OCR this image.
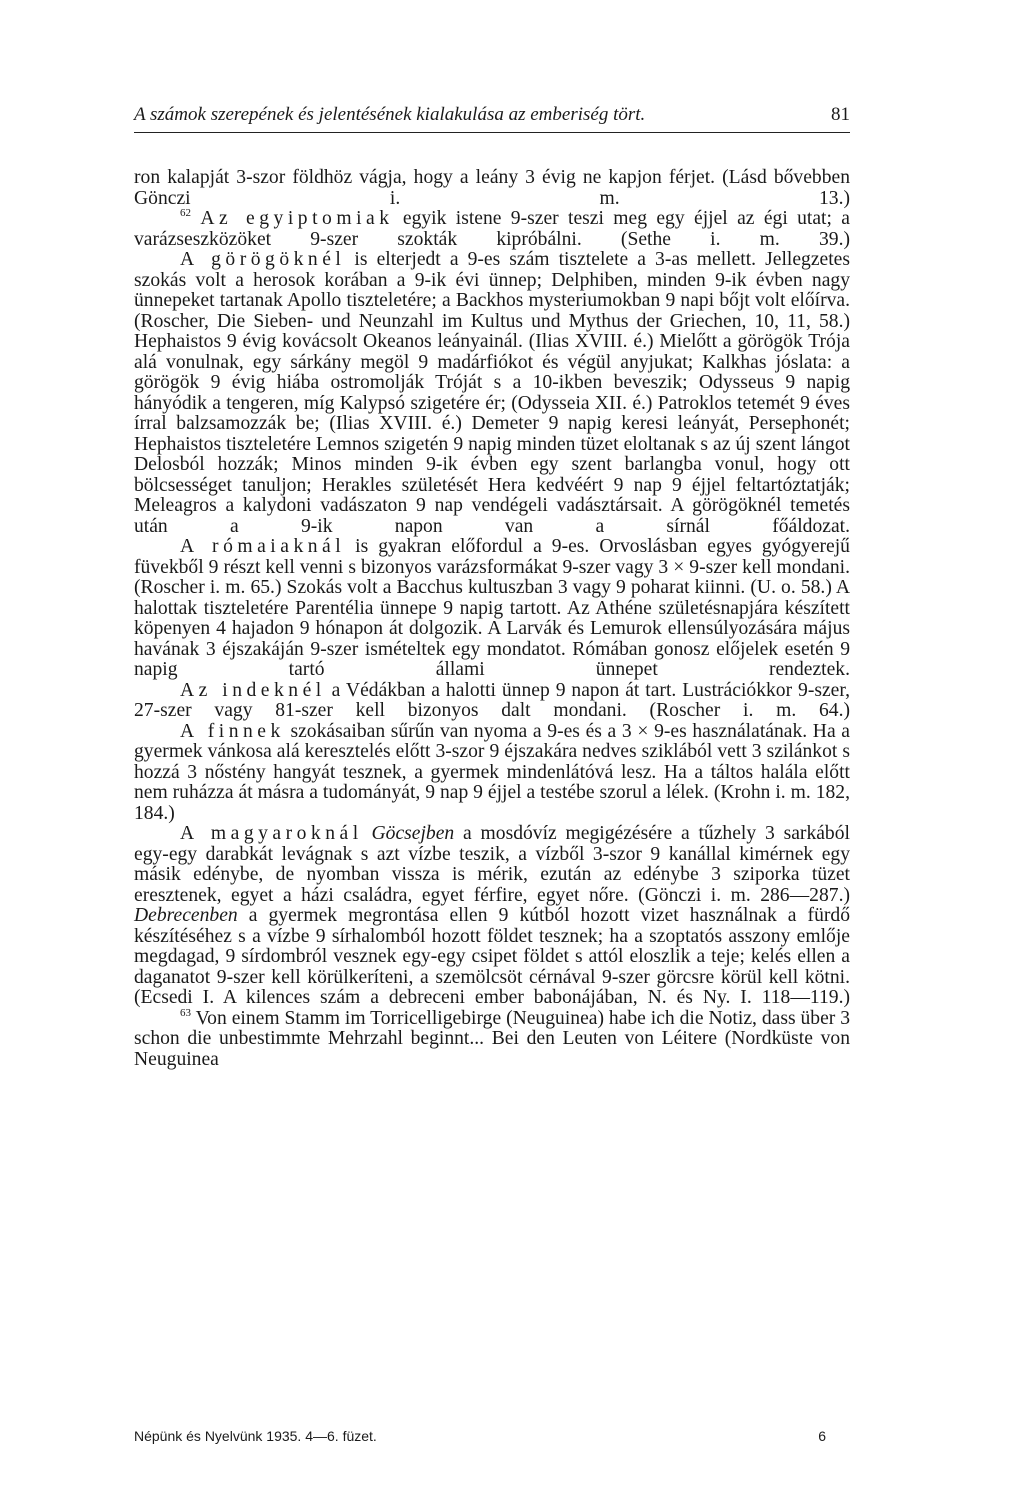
A számok szerepének és jelentésének kialakulása az emberiség tört.	81

ron kalapját 3-szor földhöz vágja, hogy a leány 3 évig ne kapjon férjet. (Lásd bővebben Gönczi i. m. 13.)

$^{62}$ Az egyiptomiak egyik istene 9-szer teszi meg egy éjjel az égi utat; a varázseszközöket 9-szer szokták kipróbálni. (Sethe i. m. 39.)

A görögöknél is elterjedt a 9-es szám tisztelete a 3-as mellett. Jellegzetes szokás volt a herosok korában a 9-ik évi ünnep; Delphiben, minden 9-ik évben nagy ünnepeket tartanak Apollo tiszteletére; a Backhos mysteriumokban 9 napi bőjt volt előírva. (Roscher, Die Sieben- und Neunzahl im Kultus und Mythus der Griechen, 10, 11, 58.) Hephaistos 9 évig kovácsolt Okeanos leányainál. (Ilias XVIII. é.) Mielőtt a görögök Trója alá vonulnak, egy sárkány megöl 9 madárfiókot és végül anyjukat; Kalkhas jóslata: a görögök 9 évig hiába ostromolják Tróját s a 10-ikben beveszik; Odysseus 9 napig hányódik a tengeren, míg Kalypsó szigetére ér; (Odysseia XII. é.) Patroklos tetemét 9 éves írral balzsamozzák be; (Ilias XVIII. é.) Demeter 9 napig keresi leányát, Persephonét; Hephaistos tiszteletére Lemnos szigetén 9 napig minden tüzet eloltanak s az új szent lángot Delosból hozzák; Minos minden 9-ik évben egy szent barlangba vonul, hogy ott bölcsességet tanuljon; Herakles születését Hera kedvéért 9 nap 9 éjjel feltartóztatják; Meleagros a kalydoni vadászaton 9 nap vendégeli vadásztársait. A görögöknél temetés után a 9-ik napon van a sírnál főáldozat.

A rómaiaknál is gyakran előfordul a 9-es. Orvoslásban egyes gyógyerejű füvekből 9 részt kell venni s bizonyos varázsformákat 9-szer vagy 3 × 9-szer kell mondani. (Roscher i. m. 65.) Szokás volt a Bacchus kultuszban 3 vagy 9 poharat kiinni. (U. o. 58.) A halottak tiszteletére Parentélia ünnepe 9 napig tartott. Az Athéne születésnapjára készített köpenyen 4 hajadon 9 hónapon át dolgozik. A Larvák és Lemurok ellensúlyozására május havának 3 éjszakáján 9-szer ismételtek egy mondatot. Rómában gonosz előjelek esetén 9 napig tartó állami ünnepet rendeztek.

Az indeknél a Védákban a halotti ünnep 9 napon át tart. Lustrációkkor 9-szer, 27-szer vagy 81-szer kell bizonyos dalt mondani. (Roscher i. m. 64.)

A finnek szokásaiban sűrűn van nyoma a 9-es és a 3 × 9-es használatának. Ha a gyermek vánkosa alá keresztelés előtt 3-szor 9 éjszakára nedves sziklából vett 3 szilánkot s hozzá 3 nőstény hangyát tesznek, a gyermek mindenlátóvá lesz. Ha a táltos halála előtt nem ruházza át másra a tudományát, 9 nap 9 éjjel a testébe szorul a lélek. (Krohn i. m. 182, 184.)

A magyaroknál Göcsejben a mosdóvíz megigézésére a tűzhely 3 sarkából egy-egy darabkát levágnak s azt vízbe teszik, a vízből 3-szor 9 kanállal kimérnek egy másik edénybe, de nyomban vissza is mérik, ezután az edénybe 3 sziporka tüzet eresztenek, egyet a házi családra, egyet férfire, egyet nőre. (Gönczi i. m. 286—287.) Debrecenben a gyermek megrontása ellen 9 kútból hozott vizet használnak a fürdő készítéséhez s a vízbe 9 sírhalomból hozott földet tesznek; ha a szoptatós asszony emlője megdagad, 9 sírdombról vesznek egy-egy csipet földet s attól eloszlik a teje; kelés ellen a daganatot 9-szer kell körülkeríteni, a szemölcsöt cérnával 9-szer görcsre körül kell kötni. (Ecsedi I. A kilences szám a debreceni ember babonájában, N. és Ny. I. 118—119.)

$^{63}$ Von einem Stamm im Torricelligebirge (Neuguinea) habe ich die Notiz, dass über 3 schon die unbestimmte Mehrzahl beginnt... Bei den Leuten von Léitere (Nordküste von Neuguinea

Népünk és Nyelvünk 1935. 4—6. füzet.	6
